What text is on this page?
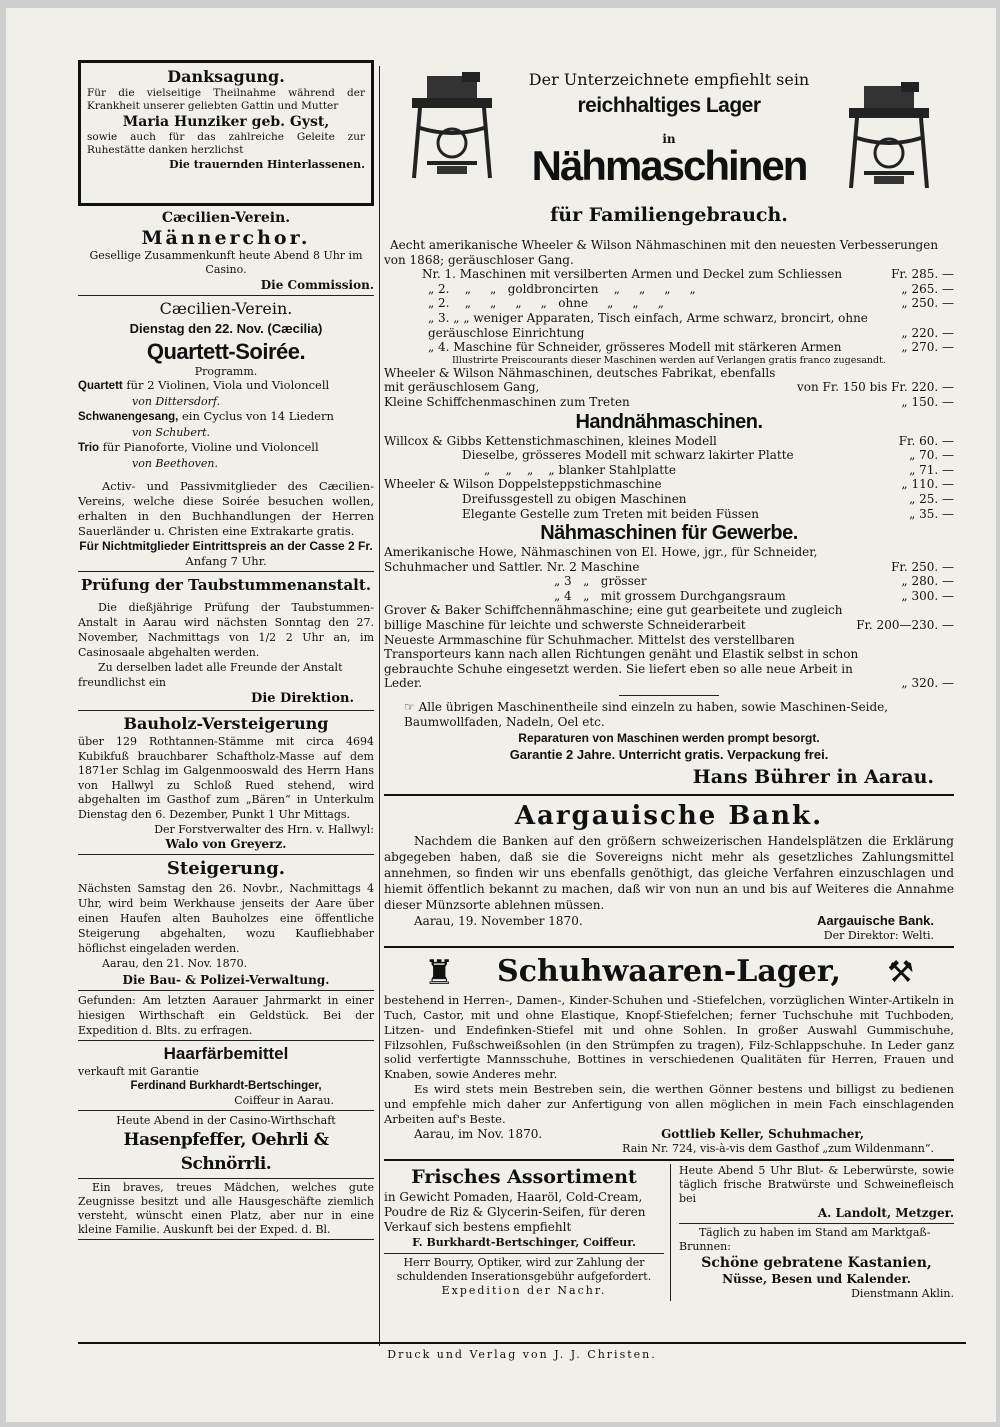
Danksagung.

Für die vielseitige Theilnahme während der Krankheit unserer geliebten Gattin und Mutter

Maria Hunziker geb. Gyst,

sowie auch für das zahlreiche Geleite zur Ruhestätte danken herzlichst

Die trauernden Hinterlassenen.

Cæcilien-Verein.

Männerchor.

Gesellige Zusammenkunft heute Abend 8 Uhr im Casino.

Die Commission.

Cæcilien-Verein.

Dienstag den 22. Nov. (Cæcilia)

Quartett-Soirée.

Programm.

Quartett für 2 Violinen, Viola und Violoncell

von Dittersdorf.

Schwanengesang, ein Cyclus von 14 Liedern

von Schubert.

Trio für Pianoforte, Violine und Violoncell

von Beethoven.

Activ- und Passivmitglieder des Cæcilien-Vereins, welche diese Soirée besuchen wollen, erhalten in den Buchhandlungen der Herren Sauerländer u. Christen eine Extrakarte gratis.

Für Nichtmitglieder Eintrittspreis an der Casse 2 Fr.

Anfang 7 Uhr.

Prüfung der Taubstummenanstalt.

Die dießjährige Prüfung der Taubstummen-Anstalt in Aarau wird nächsten Sonntag den 27. November, Nachmittags von 1/2 2 Uhr an, im Casinosaale abgehalten werden.

Zu derselben ladet alle Freunde der Anstalt freundlichst ein

Die Direktion.

Bauholz-Versteigerung

über 129 Rothtannen-Stämme mit circa 4694 Kubikfuß brauchbarer Schaftholz-Masse auf dem 1871er Schlag im Galgenmooswald des Herrn Hans von Hallwyl zu Schloß Rued stehend, wird abgehalten im Gasthof zum „Bären“ in Unterkulm Dienstag den 6. Dezember, Punkt 1 Uhr Mittags.

Der Forstverwalter des Hrn. v. Hallwyl:

Walo von Greyerz.

Steigerung.

Nächsten Samstag den 26. Novbr., Nachmittags 4 Uhr, wird beim Werkhause jenseits der Aare über einen Haufen alten Bauholzes eine öffentliche Steigerung abgehalten, wozu Kaufliebhaber höflichst eingeladen werden.

Aarau, den 21. Nov. 1870.

Die Bau- & Polizei-Verwaltung.

Gefunden: Am letzten Aarauer Jahrmarkt in einer hiesigen Wirthschaft ein Geldstück. Bei der Expedition d. Blts. zu erfragen.

Haarfärbemittel

verkauft mit Garantie

Ferdinand Burkhardt-Bertschinger,

Coiffeur in Aarau.

Heute Abend in der Casino-Wirthschaft

Hasenpfeffer, Oehrli & Schnörrli.

Ein braves, treues Mädchen, welches gute Zeugnisse besitzt und alle Hausgeschäfte ziemlich versteht, wünscht einen Platz, aber nur in eine kleine Familie. Auskunft bei der Exped. d. Bl.

Der Unterzeichnete empfiehlt sein

reichhaltiges Lager

in

Nähmaschinen

für Familiengebrauch.

Aecht amerikanische Wheeler & Wilson Nähmaschinen mit den neuesten Verbesserungen von 1868; geräuschloser Gang.

Nr. 1. Maschinen mit versilberten Armen und Deckel zum Schliessen	Fr. 285. —
„ 2.    „     „   goldbroncirten    „     „     „     „	„ 265. —
„ 2.    „     „     „     „   ohne     „     „     „	„ 250. —
„ 3. „ „ weniger Apparaten, Tisch einfach, Arme schwarz, broncirt, ohne geräuschlose Einrichtung	„ 220. —
„ 4. Maschine für Schneider, grösseres Modell mit stärkeren Armen	„ 270. —

Illustrirte Preiscourants dieser Maschinen werden auf Verlangen gratis franco zugesandt.

Wheeler & Wilson Nähmaschinen, deutsches Fabrikat, ebenfalls mit geräuschlosem Gang,	von Fr. 150 bis Fr. 220. —
Kleine Schiffchenmaschinen zum Treten	„ 150. —

Handnähmaschinen.

Willcox & Gibbs Kettenstichmaschinen, kleines Modell	Fr. 60. —
Dieselbe, grösseres Modell mit schwarz lakirter Platte	„ 70. —
„    „    „    „ blanker Stahlplatte	„ 71. —
Wheeler & Wilson Doppelsteppstichmaschine	„ 110. —
Dreifussgestell zu obigen Maschinen	„ 25. —
Elegante Gestelle zum Treten mit beiden Füssen	„ 35. —

Nähmaschinen für Gewerbe.

Amerikanische Howe, Nähmaschinen von El. Howe, jgr., für Schneider, Schuhmacher und Sattler. Nr. 2 Maschine	Fr. 250. —
„ 3   „   grösser	„ 280. —
„ 4   „   mit grossem Durchgangsraum	„ 300. —
Grover & Baker Schiffchennähmaschine; eine gut gearbeitete und zugleich billige Maschine für leichte und schwerste Schneiderarbeit	Fr. 200—230. —
Neueste Armmaschine für Schuhmacher. Mittelst des verstellbaren Transporteurs kann nach allen Richtungen genäht und Elastik selbst in schon gebrauchte Schuhe eingesetzt werden. Sie liefert eben so alle neue Arbeit in Leder.	„ 320. —

☞ Alle übrigen Maschinentheile sind einzeln zu haben, sowie Maschinen-Seide, Baumwollfaden, Nadeln, Oel etc.

Reparaturen von Maschinen werden prompt besorgt.

Garantie 2 Jahre. Unterricht gratis. Verpackung frei.

Hans Bührer in Aarau.

Aargauische Bank.

Nachdem die Banken auf den größern schweizerischen Handelsplätzen die Erklärung abgegeben haben, daß sie die Sovereigns nicht mehr als gesetzliches Zahlungsmittel annehmen, so finden wir uns ebenfalls genöthigt, das gleiche Verfahren einzuschlagen und hiemit öffentlich bekannt zu machen, daß wir von nun an und bis auf Weiteres die Annahme dieser Münzsorte ablehnen müssen.

Aarau, 19. November 1870.	Aargauische Bank.

Der Direktor: Welti.

♜	⚒

Schuhwaaren-Lager,

bestehend in Herren-, Damen-, Kinder-Schuhen und -Stiefelchen, vorzüglichen Winter-Artikeln in Tuch, Castor, mit und ohne Elastique, Knopf-Stiefelchen; ferner Tuchschuhe mit Tuchboden, Litzen- und Endefinken-Stiefel mit und ohne Sohlen. In großer Auswahl Gummischuhe, Filzsohlen, Fußschweißsohlen (in den Strümpfen zu tragen), Filz-Schlappschuhe. In Leder ganz solid verfertigte Mannsschuhe, Bottines in verschiedenen Qualitäten für Herren, Frauen und Knaben, sowie Anderes mehr.

Es wird stets mein Bestreben sein, die werthen Gönner bestens und billigst zu bedienen und empfehle mich daher zur Anfertigung von allen möglichen in mein Fach einschlagenden Arbeiten auf's Beste.

Aarau, im Nov. 1870.	Gottlieb Keller, Schuhmacher,

Rain Nr. 724, vis-à-vis dem Gasthof „zum Wildenmann“.

Frisches Assortiment

in Gewicht Pomaden, Haaröl, Cold-Cream, Poudre de Riz & Glycerin-Seifen, für deren Verkauf sich bestens empfiehlt

F. Burkhardt-Bertschinger, Coiffeur.

Herr Bourry, Optiker, wird zur Zahlung der schuldenden Inserationsgebühr aufgefordert.

Expedition der Nachr.

Heute Abend 5 Uhr Blut- & Leberwürste, sowie täglich frische Bratwürste und Schweinefleisch bei

A. Landolt, Metzger.

Täglich zu haben im Stand am Marktgaß-Brunnen:

Schöne gebratene Kastanien,

Nüsse, Besen und Kalender.

Dienstmann Aklin.

Druck und Verlag von J. J. Christen.
